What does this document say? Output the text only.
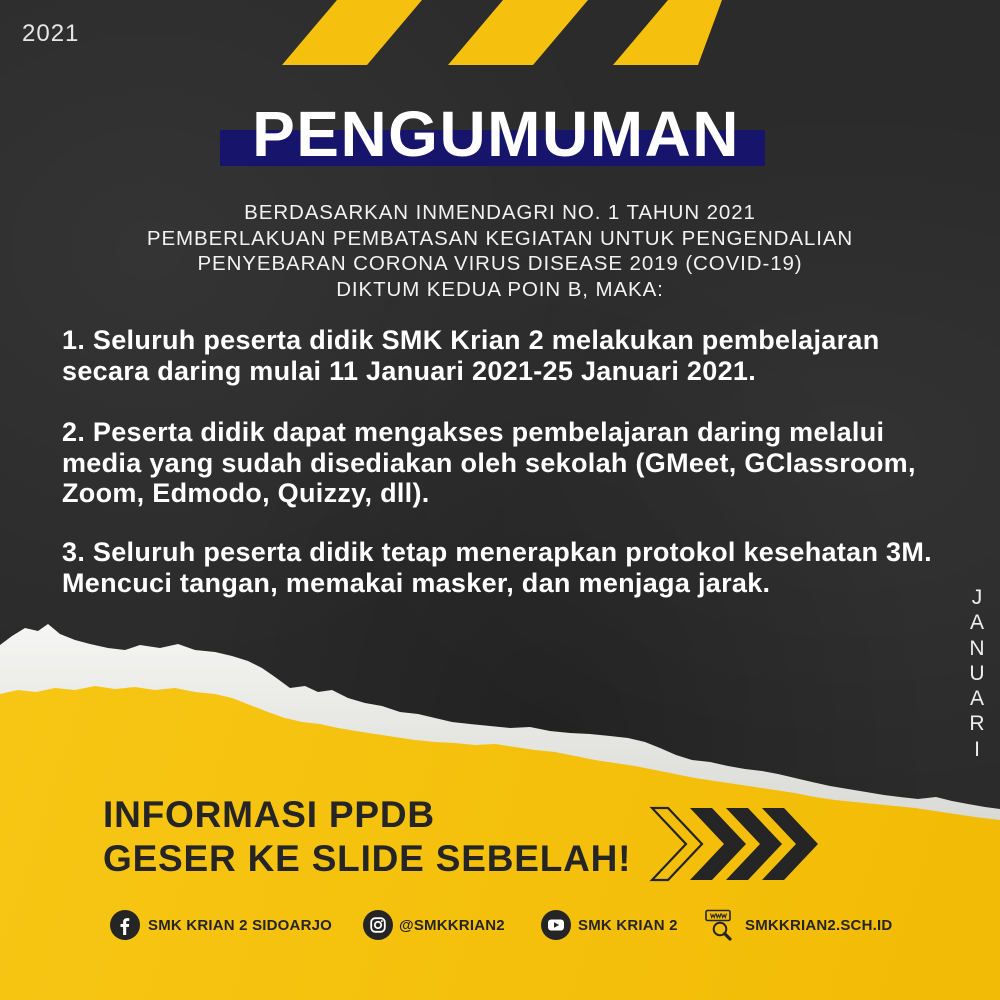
2021
PENGUMUMAN
BERDASARKAN INMENDAGRI NO. 1 TAHUN 2021
PEMBERLAKUAN PEMBATASAN KEGIATAN UNTUK PENGENDALIAN
PENYEBARAN CORONA VIRUS DISEASE 2019 (COVID-19)
DIKTUM KEDUA POIN B, MAKA:
1. Seluruh peserta didik SMK Krian 2 melakukan pembelajaran
secara daring mulai 11 Januari 2021-25 Januari 2021.
2. Peserta didik dapat mengakses pembelajaran daring melalui
media yang sudah disediakan oleh sekolah (GMeet, GClassroom,
Zoom, Edmodo, Quizzy, dll).
3. Seluruh peserta didik tetap menerapkan protokol kesehatan 3M.
Mencuci tangan, memakai masker, dan menjaga jarak.	JANUARI
INFORMASI PPDB
GESER KE SLIDE SEBELAH!
SMK KRIAN 2 SIDOARJO	@SMKKRIAN2	SMK KRIAN 2	SMKKRIAN2.SCH.ID
